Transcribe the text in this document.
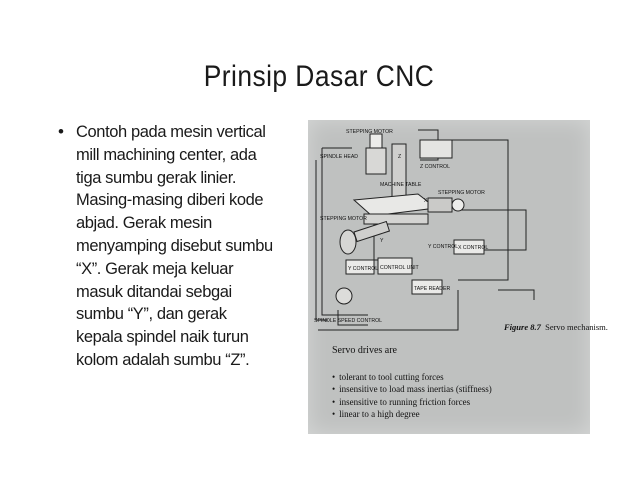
Prinsip Dasar CNC
• Contoh pada mesin vertical
mill machining center, ada
tiga sumbu gerak linier.
Masing-masing diberi kode
abjad. Gerak mesin
menyamping disebut sumbu
“X”. Gerak meja keluar
masuk ditandai sebgai
sumbu “Y”, dan gerak
kepala spindel naik turun
kolom adalah sumbu “Z”.
STEPPING MOTOR
SPINDLE HEAD	Z
Z CONTROL
MACHINE TABLE
STEPPING MOTOR
X
STEPPING MOTOR
Y
Y CONTROL X CONTROL
Y CONTROL CONTROL UNIT
TAPE READER
SPINDLE SPEED CONTROL
Figure 8.7 Servo mechanism.
Servo drives are
• tolerant to tool cutting forces
• insensitive to load mass inertias (stiffness)
• insensitive to running friction forces
• linear to a high degree
